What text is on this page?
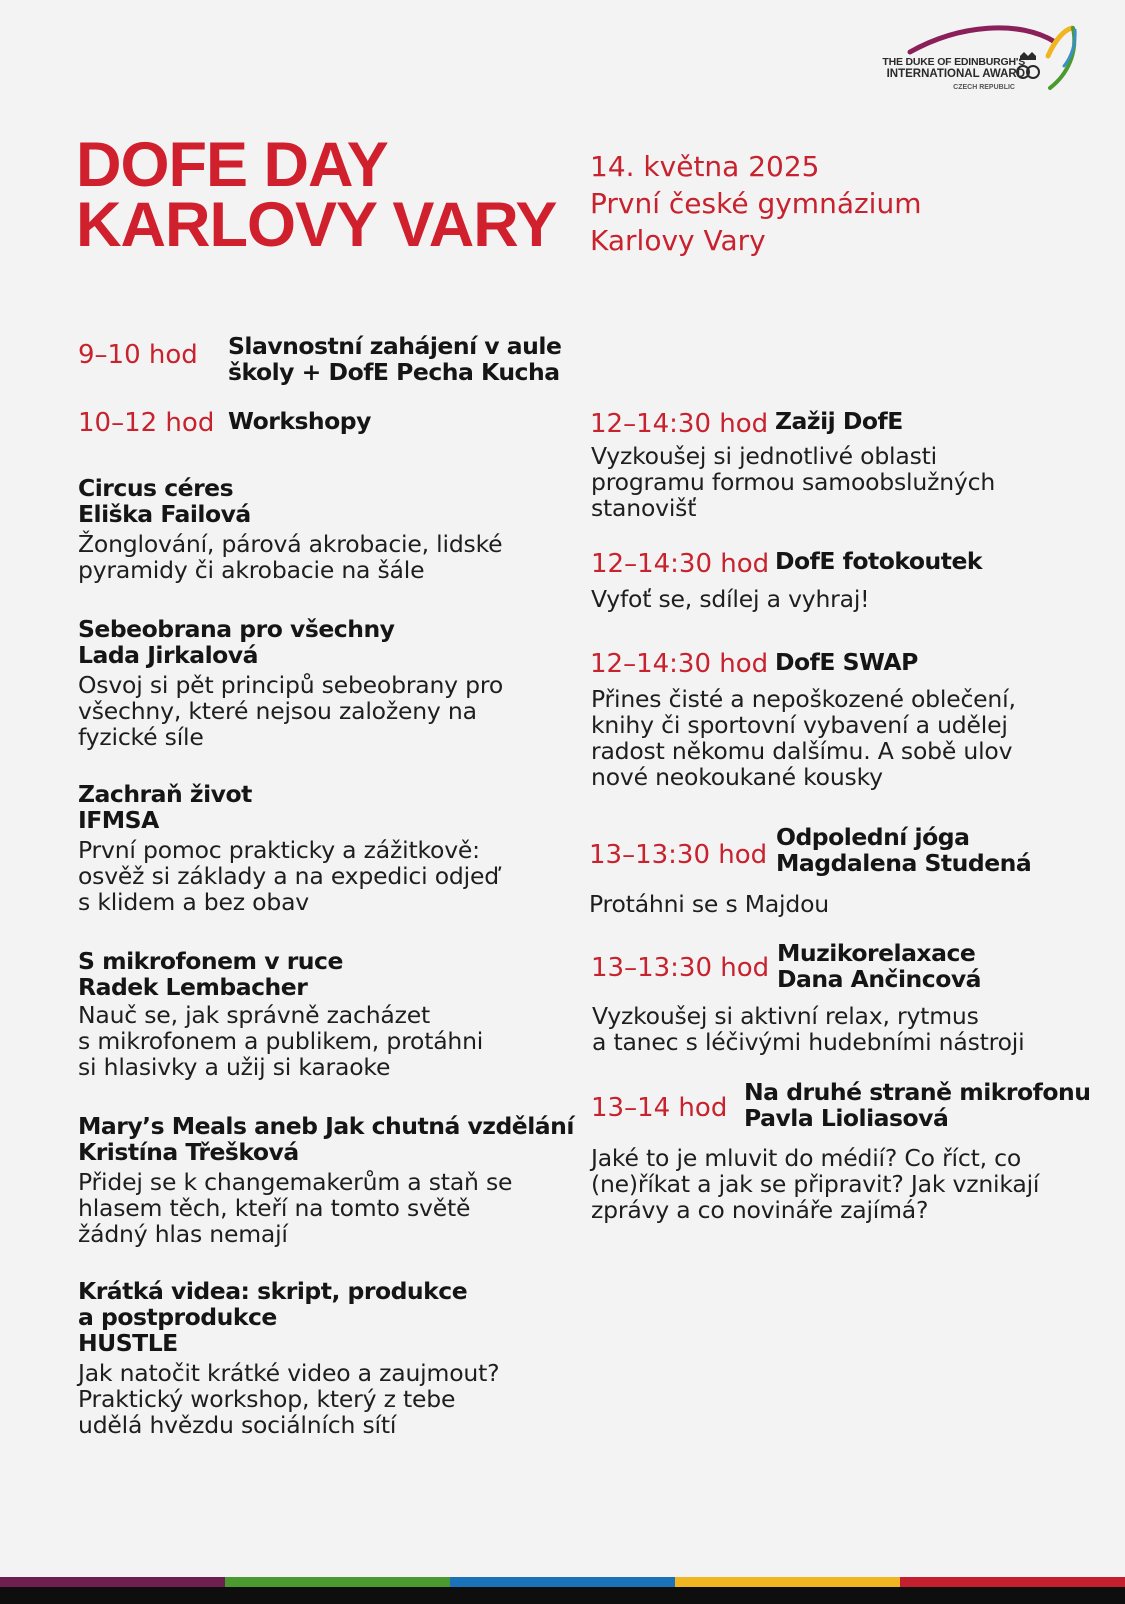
THE DUKE OF EDINBURGH'S
INTERNATIONAL AWARD
CZECH REPUBLIC
DOFE DAY
KARLOVY VARY
14. května 2025
První české gymnázium
Karlovy Vary
9–10 hod Slavnostní zahájení v aule
školy + DofE Pecha Kucha
10–12 hod Workshopy
Circus céres
Eliška Failová
Žonglování, párová akrobacie, lidské
pyramidy či akrobacie na šále
Sebeobrana pro všechny
Lada Jirkalová
Osvoj si pět principů sebeobrany pro
všechny, které nejsou založeny na
fyzické síle
Zachraň život
IFMSA
První pomoc prakticky a zážitkově:
osvěž si základy a na expedici odjeď
s klidem a bez obav
S mikrofonem v ruce
Radek Lembacher
Nauč se, jak správně zacházet
s mikrofonem a publikem, protáhni
si hlasivky a užij si karaoke
Mary’s Meals aneb Jak chutná vzdělání
Kristína Třešková
Přidej se k changemakerům a staň se
hlasem těch, kteří na tomto světě
žádný hlas nemají
Krátká videa: skript, produkce
a postprodukce
HUSTLE
Jak natočit krátké video a zaujmout?
Praktický workshop, který z tebe
udělá hvězdu sociálních sítí
12–14:30 hod Zažij DofE
Vyzkoušej si jednotlivé oblasti
programu formou samoobslužných
stanovišť
12–14:30 hod DofE fotokoutek
Vyfoť se, sdílej a vyhraj!
12–14:30 hod DofE SWAP
Přines čisté a nepoškozené oblečení,
knihy či sportovní vybavení a udělej
radost někomu dalšímu. A sobě ulov
nové neokoukané kousky
13–13:30 hod
Odpolední jóga
Magdalena Studená
Protáhni se s Majdou
13–13:30 hod Muzikorelaxace
Dana Ančincová
Vyzkoušej si aktivní relax, rytmus
a tanec s léčivými hudebními nástroji
13–14 hod
Na druhé straně mikrofonu
Pavla Lioliasová
Jaké to je mluvit do médií? Co říct, co
(ne)říkat a jak se připravit? Jak vznikají
zprávy a co novináře zajímá?
